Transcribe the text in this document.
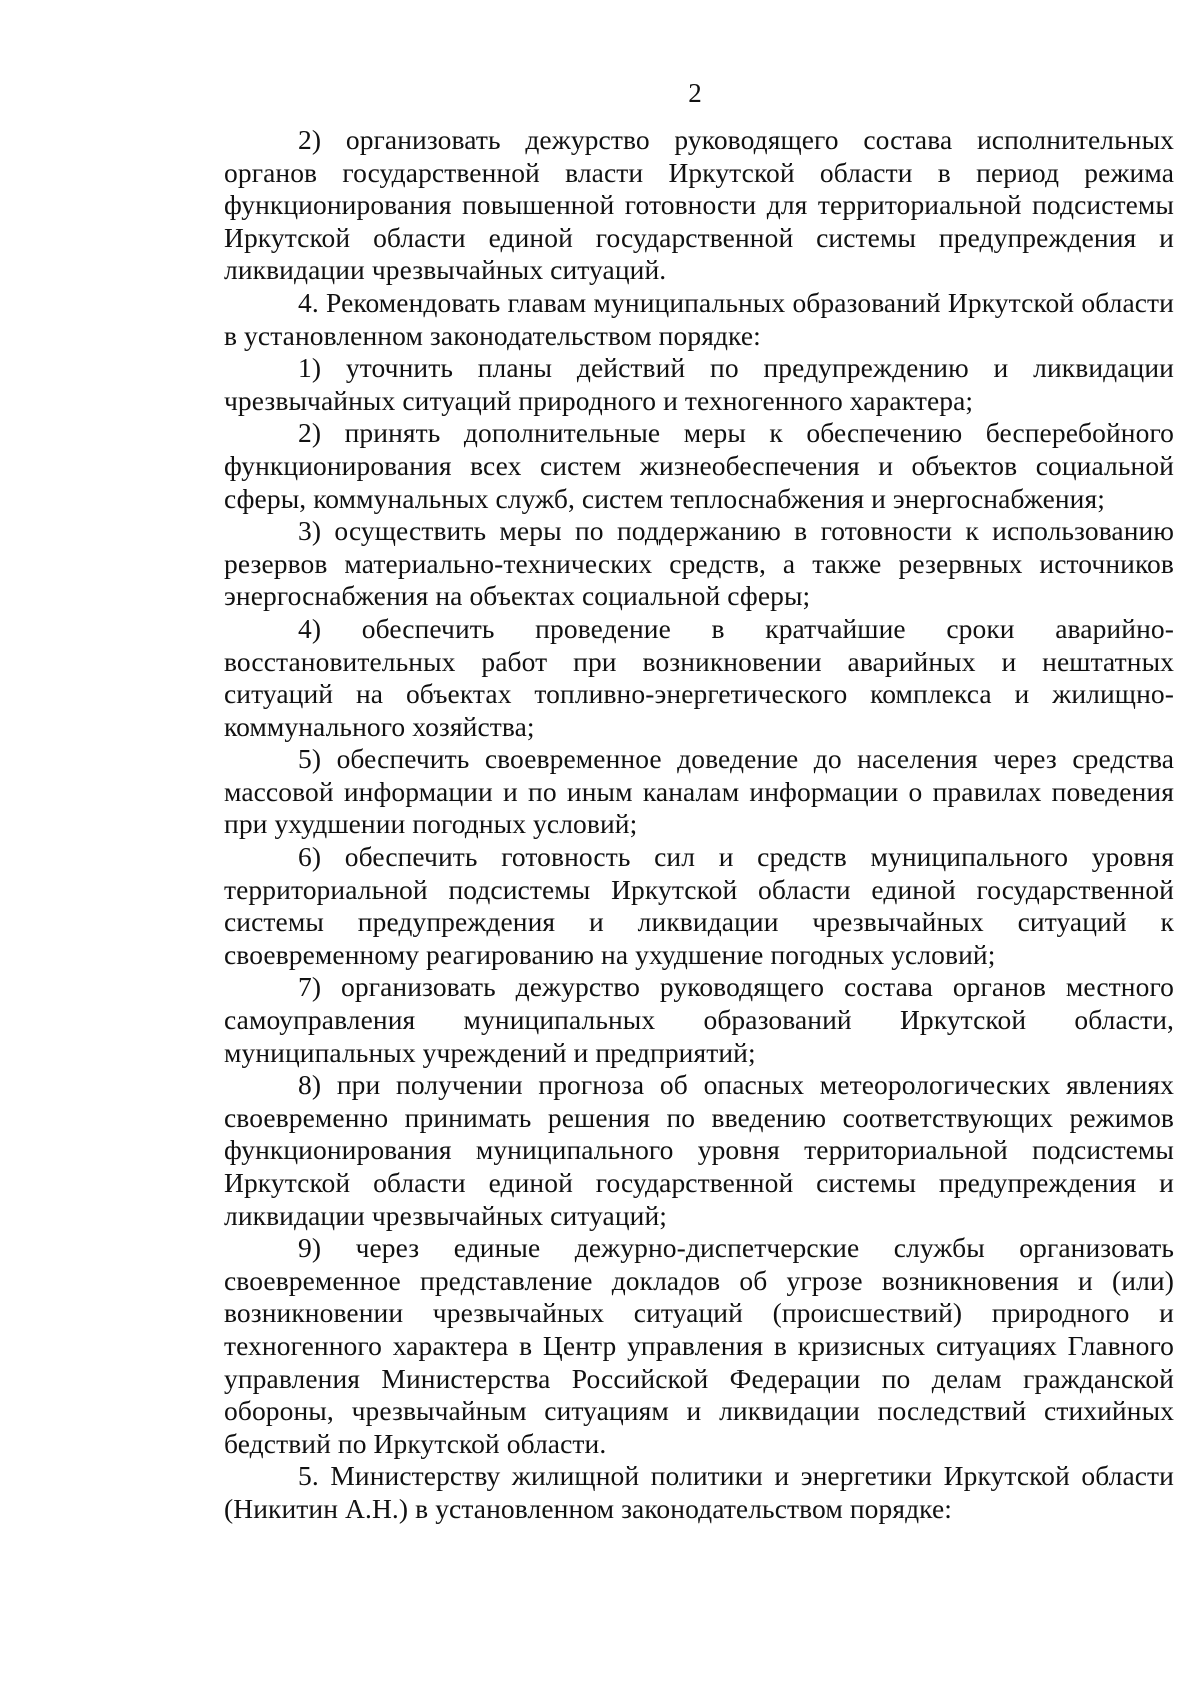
2

2) организовать дежурство руководящего состава исполнительных органов государственной власти Иркутской области в период режима функционирования повышенной готовности для территориальной подсистемы Иркутской области единой государственной системы предупреждения и ликвидации чрезвычайных ситуаций.

4. Рекомендовать главам муниципальных образований Иркутской области в установленном законодательством порядке:

1) уточнить планы действий по предупреждению и ликвидации чрезвычайных ситуаций природного и техногенного характера;

2) принять дополнительные меры к обеспечению бесперебойного функционирования всех систем жизнеобеспечения и объектов социальной сферы, коммунальных служб, систем теплоснабжения и энергоснабжения;

3) осуществить меры по поддержанию в готовности к использованию резервов материально-технических средств, а также резервных источников энергоснабжения на объектах социальной сферы;

4) обеспечить проведение в кратчайшие сроки аварийно-восстановительных работ при возникновении аварийных и нештатных ситуаций на объектах топливно-энергетического комплекса и жилищно-коммунального хозяйства;

5) обеспечить своевременное доведение до населения через средства массовой информации и по иным каналам информации о правилах поведения при ухудшении погодных условий;

6) обеспечить готовность сил и средств муниципального уровня территориальной подсистемы Иркутской области единой государственной системы предупреждения и ликвидации чрезвычайных ситуаций к своевременному реагированию на ухудшение погодных условий;

7) организовать дежурство руководящего состава органов местного самоуправления муниципальных образований Иркутской области, муниципальных учреждений и предприятий;

8) при получении прогноза об опасных метеорологических явлениях своевременно принимать решения по введению соответствующих режимов функционирования муниципального уровня территориальной подсистемы Иркутской области единой государственной системы предупреждения и ликвидации чрезвычайных ситуаций;

9) через единые дежурно-диспетчерские службы организовать своевременное представление докладов об угрозе возникновения и (или) возникновении чрезвычайных ситуаций (происшествий) природного и техногенного характера в Центр управления в кризисных ситуациях Главного управления Министерства Российской Федерации по делам гражданской обороны, чрезвычайным ситуациям и ликвидации последствий стихийных бедствий по Иркутской области.

5. Министерству жилищной политики и энергетики Иркутской области (Никитин А.Н.) в установленном законодательством порядке:
